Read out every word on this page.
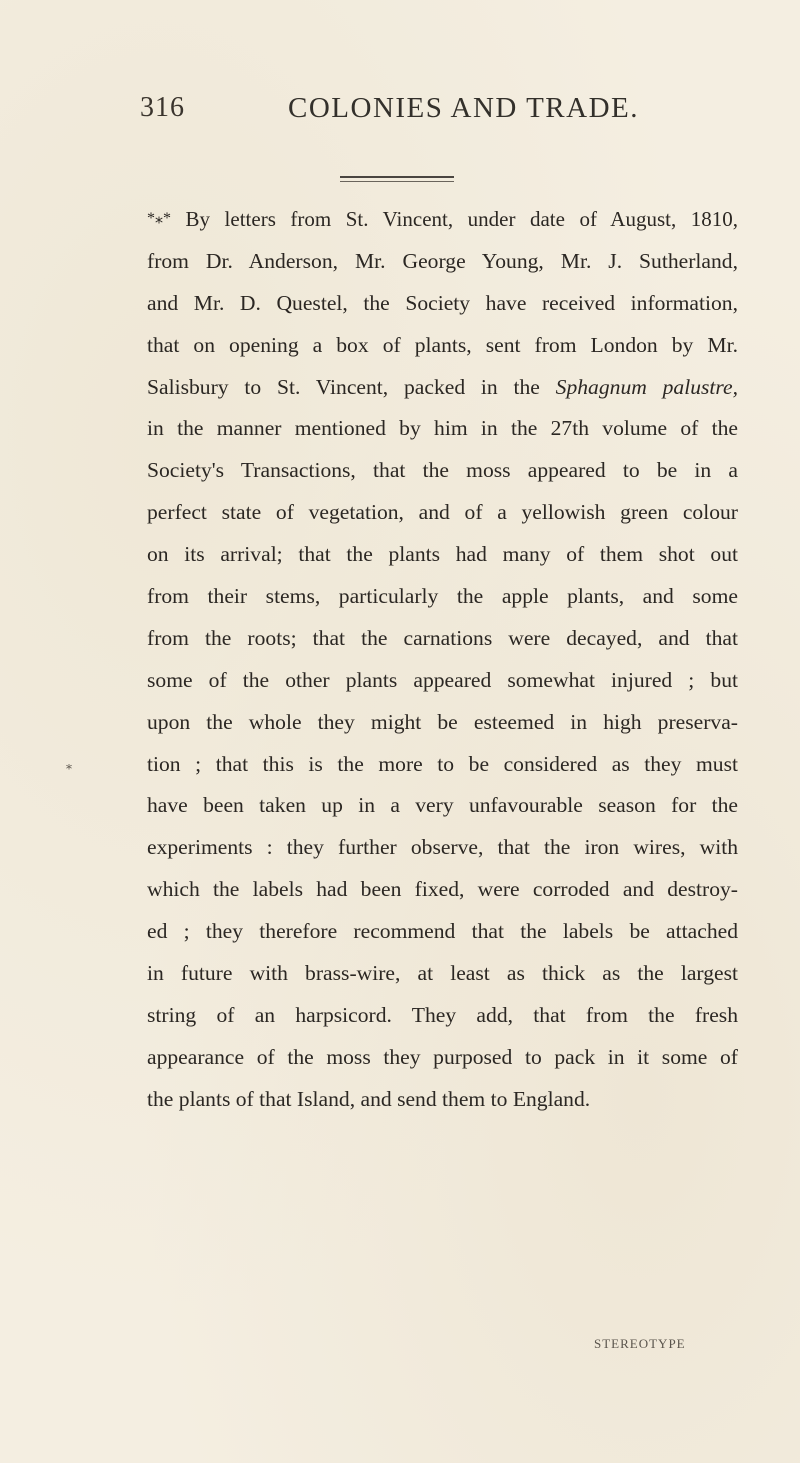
316	COLONIES AND TRADE.
*⁎* By letters from St. Vincent, under date of August, 1810,
from Dr. Anderson, Mr. George Young, Mr. J. Sutherland,
and Mr. D. Questel, the Society have received information,
that on opening a box of plants, sent from London by Mr.
Salisbury to St. Vincent, packed in the Sphagnum palustre,
in the manner mentioned by him in the 27th volume of the
Society's Transactions, that the moss appeared to be in a
perfect state of vegetation, and of a yellowish green colour
on its arrival; that the plants had many of them shot out
from their stems, particularly the apple plants, and some
from the roots; that the carnations were decayed, and that
some of the other plants appeared somewhat injured ; but
upon the whole they might be esteemed in high preserva-
tion ; that this is the more to be considered as they must
have been taken up in a very unfavourable season for the
experiments : they further observe, that the iron wires, with
which the labels had been fixed, were corroded and destroy-
ed ; they therefore recommend that the labels be attached
in future with brass-wire, at least as thick as the largest
string of an harpsicord. They add, that from the fresh
appearance of the moss they purposed to pack in it some of
the plants of that Island, and send them to England.
⁎
STEREOTYPE
